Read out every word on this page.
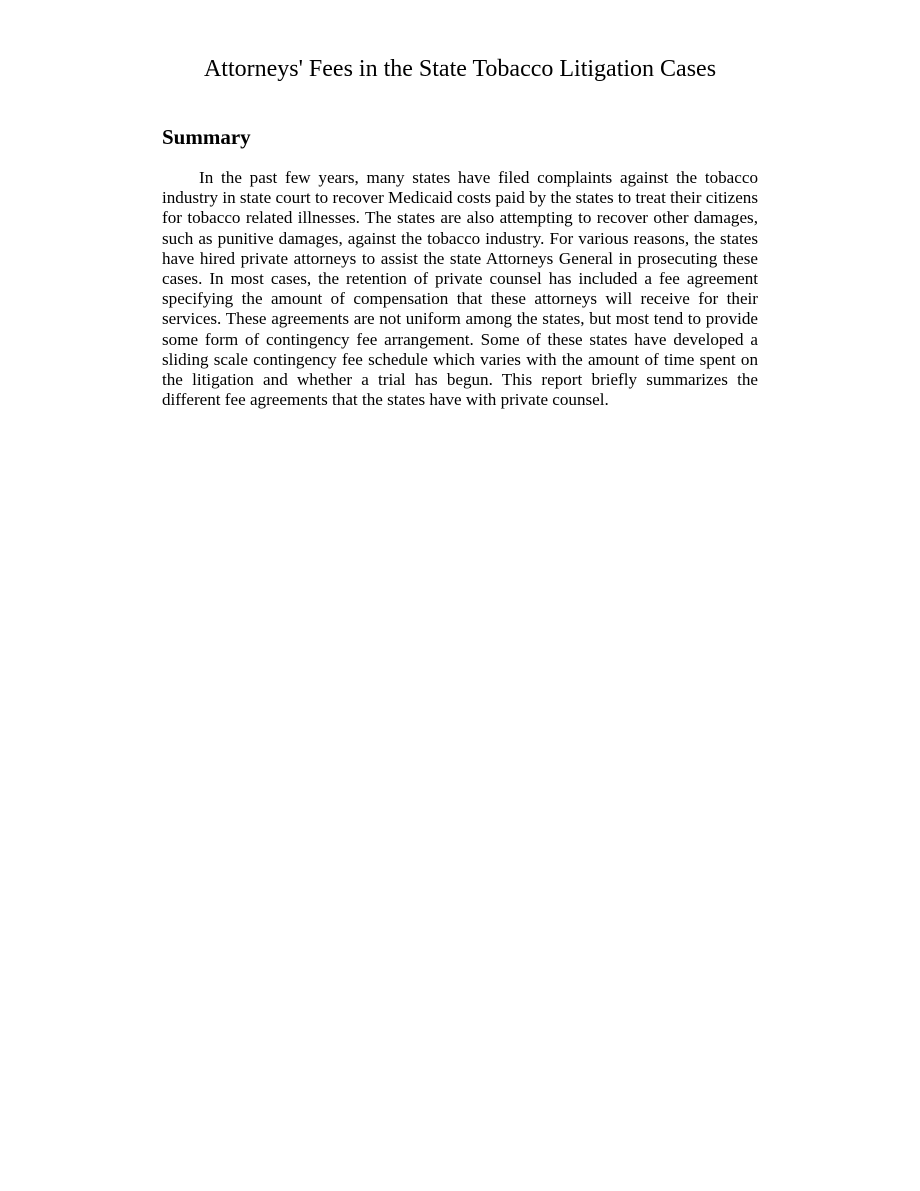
Attorneys' Fees in the State Tobacco Litigation Cases
Summary

In the past few years, many states have filed complaints against the tobacco industry in state court to recover Medicaid costs paid by the states to treat their citizens for tobacco related illnesses. The states are also attempting to recover other damages, such as punitive damages, against the tobacco industry. For various reasons, the states have hired private attorneys to assist the state Attorneys General in prosecuting these cases. In most cases, the retention of private counsel has included a fee agreement specifying the amount of compensation that these attorneys will receive for their services. These agreements are not uniform among the states, but most tend to provide some form of contingency fee arrangement. Some of these states have developed a sliding scale contingency fee schedule which varies with the amount of time spent on the litigation and whether a trial has begun. This report briefly summarizes the different fee agreements that the states have with private counsel.
